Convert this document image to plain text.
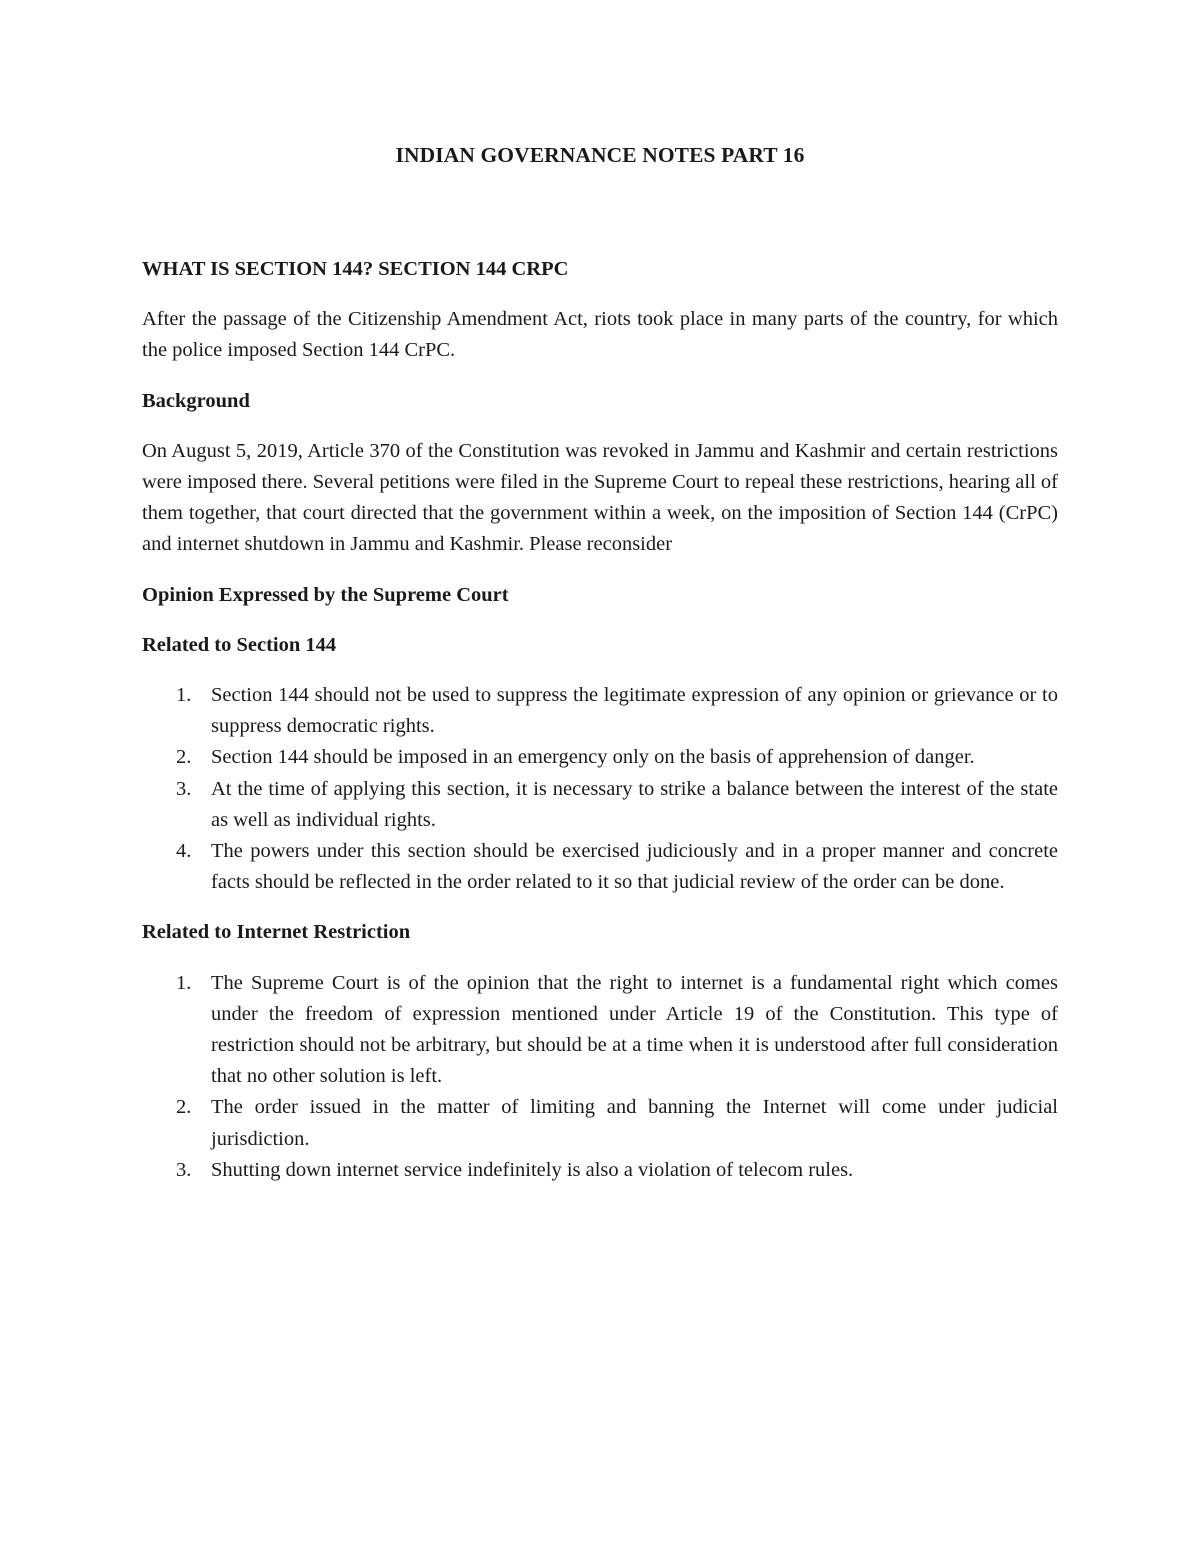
INDIAN GOVERNANCE NOTES PART 16

WHAT IS SECTION 144? SECTION 144 CRPC

After the passage of the Citizenship Amendment Act, riots took place in many parts of the country, for which the police imposed Section 144 CrPC.

Background

On August 5, 2019, Article 370 of the Constitution was revoked in Jammu and Kashmir and certain restrictions were imposed there. Several petitions were filed in the Supreme Court to repeal these restrictions, hearing all of them together, that court directed that the government within a week, on the imposition of Section 144 (CrPC) and internet shutdown in Jammu and Kashmir. Please reconsider

Opinion Expressed by the Supreme Court

Related to Section 144

1. Section 144 should not be used to suppress the legitimate expression of any opinion or grievance or to suppress democratic rights.
2. Section 144 should be imposed in an emergency only on the basis of apprehension of danger.
3. At the time of applying this section, it is necessary to strike a balance between the interest of the state as well as individual rights.
4. The powers under this section should be exercised judiciously and in a proper manner and concrete facts should be reflected in the order related to it so that judicial review of the order can be done.

Related to Internet Restriction

1. The Supreme Court is of the opinion that the right to internet is a fundamental right which comes under the freedom of expression mentioned under Article 19 of the Constitution. This type of restriction should not be arbitrary, but should be at a time when it is understood after full consideration that no other solution is left.
2. The order issued in the matter of limiting and banning the Internet will come under judicial jurisdiction.
3. Shutting down internet service indefinitely is also a violation of telecom rules.
